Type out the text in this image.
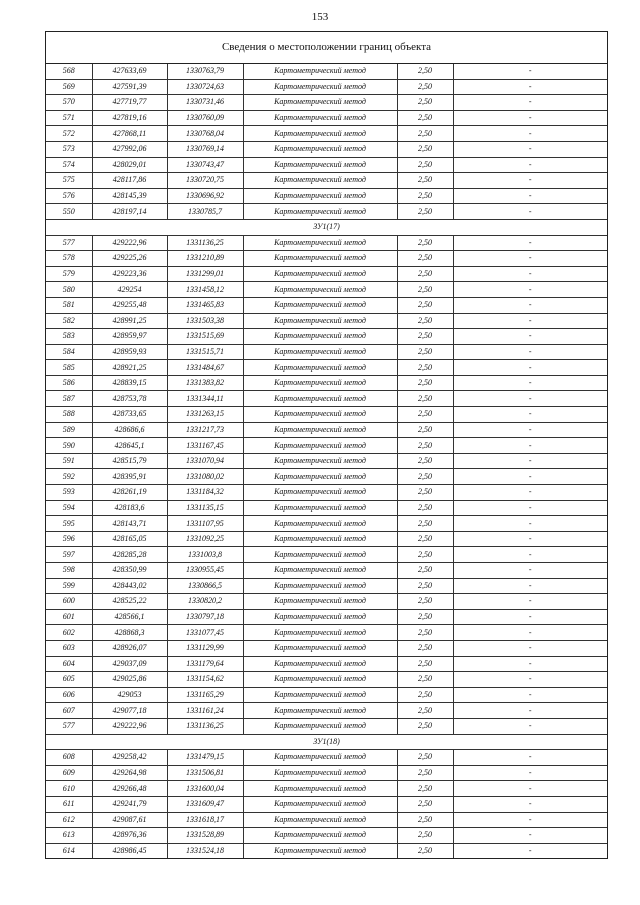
153
Сведения о местоположении границ объекта
568	427633,69	1330763,79	Картометрический метод	2,50	-
569	427591,39	1330724,63	Картометрический метод	2,50	-
570	427719,77	1330731,46	Картометрический метод	2,50	-
571	427819,16	1330760,09	Картометрический метод	2,50	-
572	427868,11	1330768,04	Картометрический метод	2,50	-
573	427992,06	1330769,14	Картометрический метод	2,50	-
574	428029,01	1330743,47	Картометрический метод	2,50	-
575	428117,86	1330720,75	Картометрический метод	2,50	-
576	428145,39	1330696,92	Картометрический метод	2,50	-
550	428197,14	1330785,7	Картометрический метод	2,50	-
ЗУ1(17)					
577	429222,96	1331136,25	Картометрический метод	2,50	-
578	429225,26	1331210,89	Картометрический метод	2,50	-
579	429223,36	1331299,01	Картометрический метод	2,50	-
580	429254	1331458,12	Картометрический метод	2,50	-
581	429255,48	1331465,83	Картометрический метод	2,50	-
582	428991,25	1331503,38	Картометрический метод	2,50	-
583	428959,97	1331515,69	Картометрический метод	2,50	-
584	428959,93	1331515,71	Картометрический метод	2,50	-
585	428921,25	1331484,67	Картометрический метод	2,50	-
586	428839,15	1331383,82	Картометрический метод	2,50	-
587	428753,78	1331344,11	Картометрический метод	2,50	-
588	428733,65	1331263,15	Картометрический метод	2,50	-
589	428686,6	1331217,73	Картометрический метод	2,50	-
590	428645,1	1331167,45	Картометрический метод	2,50	-
591	428515,79	1331070,94	Картометрический метод	2,50	-
592	428395,91	1331080,02	Картометрический метод	2,50	-
593	428261,19	1331184,32	Картометрический метод	2,50	-
594	428183,6	1331135,15	Картометрический метод	2,50	-
595	428143,71	1331107,95	Картометрический метод	2,50	-
596	428165,05	1331092,25	Картометрический метод	2,50	-
597	428285,28	1331003,8	Картометрический метод	2,50	-
598	428350,99	1330955,45	Картометрический метод	2,50	-
599	428443,02	1330866,5	Картометрический метод	2,50	-
600	428525,22	1330820,2	Картометрический метод	2,50	-
601	428566,1	1330797,18	Картометрический метод	2,50	-
602	428868,3	1331077,45	Картометрический метод	2,50	-
603	428926,07	1331129,99	Картометрический метод	2,50	-
604	429037,09	1331179,64	Картометрический метод	2,50	-
605	429025,86	1331154,62	Картометрический метод	2,50	-
606	429053	1331165,29	Картометрический метод	2,50	-
607	429077,18	1331161,24	Картометрический метод	2,50	-
577	429222,96	1331136,25	Картометрический метод	2,50	-
ЗУ1(18)					
608	429258,42	1331479,15	Картометрический метод	2,50	-
609	429264,98	1331506,81	Картометрический метод	2,50	-
610	429266,48	1331600,04	Картометрический метод	2,50	-
611	429241,79	1331609,47	Картометрический метод	2,50	-
612	429087,61	1331618,17	Картометрический метод	2,50	-
613	428976,36	1331528,89	Картометрический метод	2,50	-
614	428986,45	1331524,18	Картометрический метод	2,50	-
